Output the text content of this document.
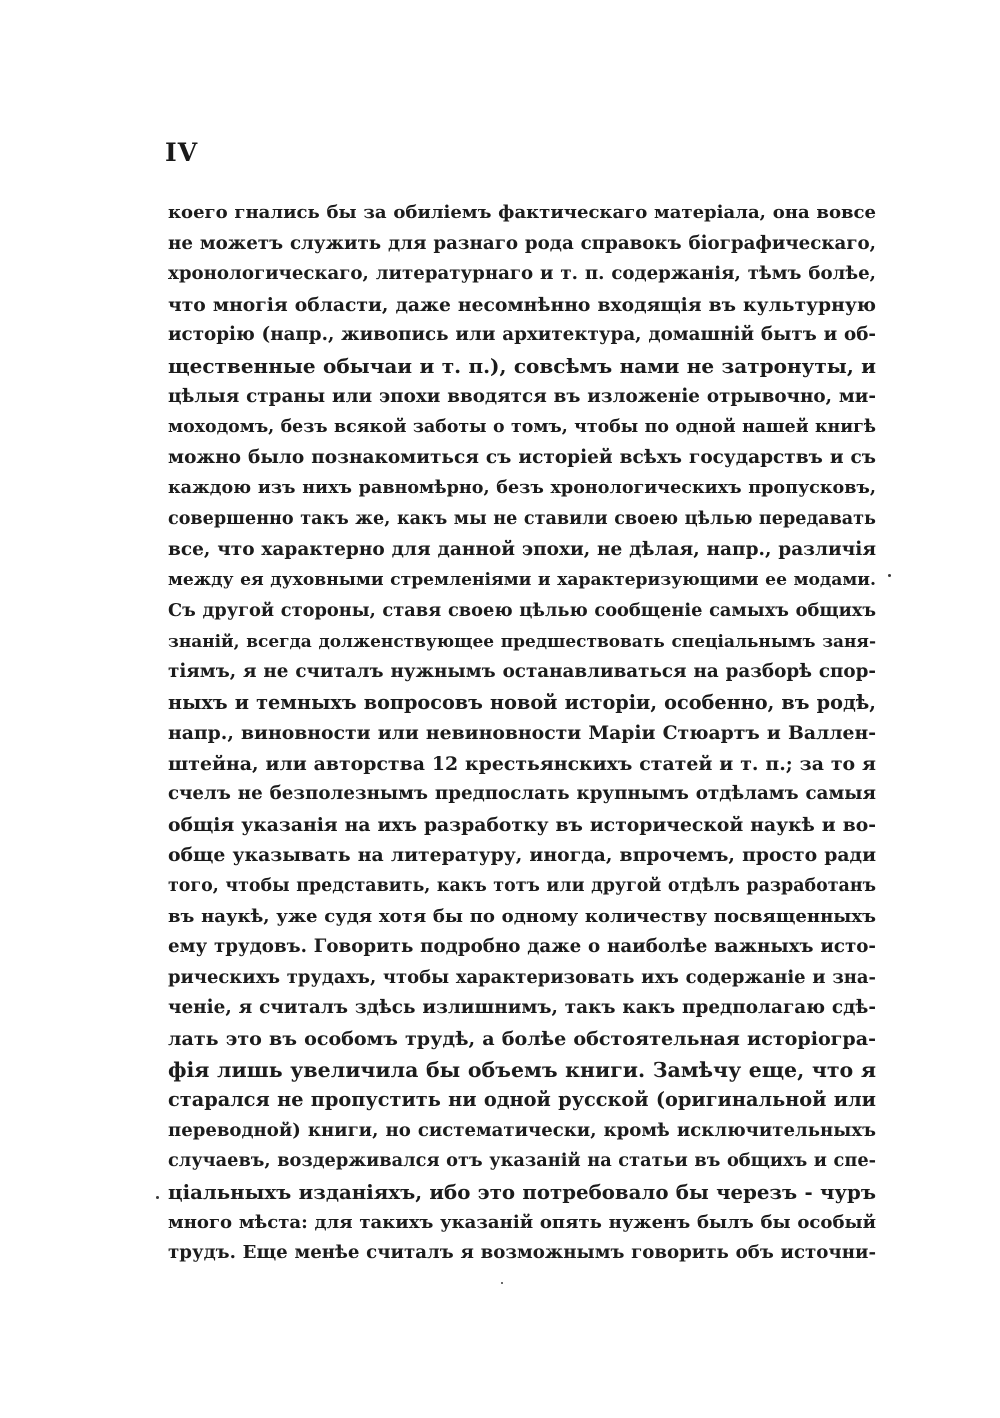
IV
коего гнались бы за обиліемъ фактическаго матеріала, она вовсе
не можетъ служить для разнаго рода справокъ біографическаго,
хронологическаго, литературнаго и т. п. содержанія, тѣмъ болѣе,
что многія области, даже несомнѣнно входящія въ культурную
исторію (напр., живопись или архитектура, домашній бытъ и об-
щественные обычаи и т. п.), совсѣмъ нами не затронуты, и
цѣлыя страны или эпохи вводятся въ изложеніе отрывочно, ми-
моходомъ, безъ всякой заботы о томъ, чтобы по одной нашей книгѣ
можно было познакомиться съ исторіей всѣхъ государствъ и съ
каждою изъ нихъ равномѣрно, безъ хронологическихъ пропусковъ,
совершенно такъ же, какъ мы не ставили своею цѣлью передавать
все, что характерно для данной эпохи, не дѣлая, напр., различія
между ея духовными стремленіями и характеризующими ее модами.
Съ другой стороны, ставя своею цѣлью сообщеніе самыхъ общихъ
знаній, всегда долженствующее предшествовать спеціальнымъ заня-
тіямъ, я не считалъ нужнымъ останавливаться на разборѣ спор-
ныхъ и темныхъ вопросовъ новой исторіи, особенно, въ родѣ,
напр., виновности или невиновности Маріи Стюартъ и Валлен-
штейна, или авторства 12 крестьянскихъ статей и т. п.; за то я
счелъ не безполезнымъ предпослать крупнымъ отдѣламъ самыя
общія указанія на ихъ разработку въ исторической наукѣ и во-
обще указывать на литературу, иногда, впрочемъ, просто ради
того, чтобы представить, какъ тотъ или другой отдѣлъ разработанъ
въ наукѣ, уже судя хотя бы по одному количеству посвященныхъ
ему трудовъ. Говорить подробно даже о наиболѣе важныхъ исто-
рическихъ трудахъ, чтобы характеризовать ихъ содержаніе и зна-
ченіе, я считалъ здѣсь излишнимъ, такъ какъ предполагаю сдѣ-
лать это въ особомъ трудѣ, а болѣе обстоятельная исторіогра-
фія лишь увеличила бы объемъ книги. Замѣчу еще, что я
старался не пропустить ни одной русской (оригинальной или
переводной) книги, но систематически, кромѣ исключительныхъ
случаевъ, воздерживался отъ указаній на статьи въ общихъ и спе-
ціальныхъ изданіяхъ, ибо это потребовало бы черезъ - чуръ
много мѣста: для такихъ указаній опять нуженъ былъ бы особый
трудъ. Еще менѣе считалъ я возможнымъ говорить объ источни-
